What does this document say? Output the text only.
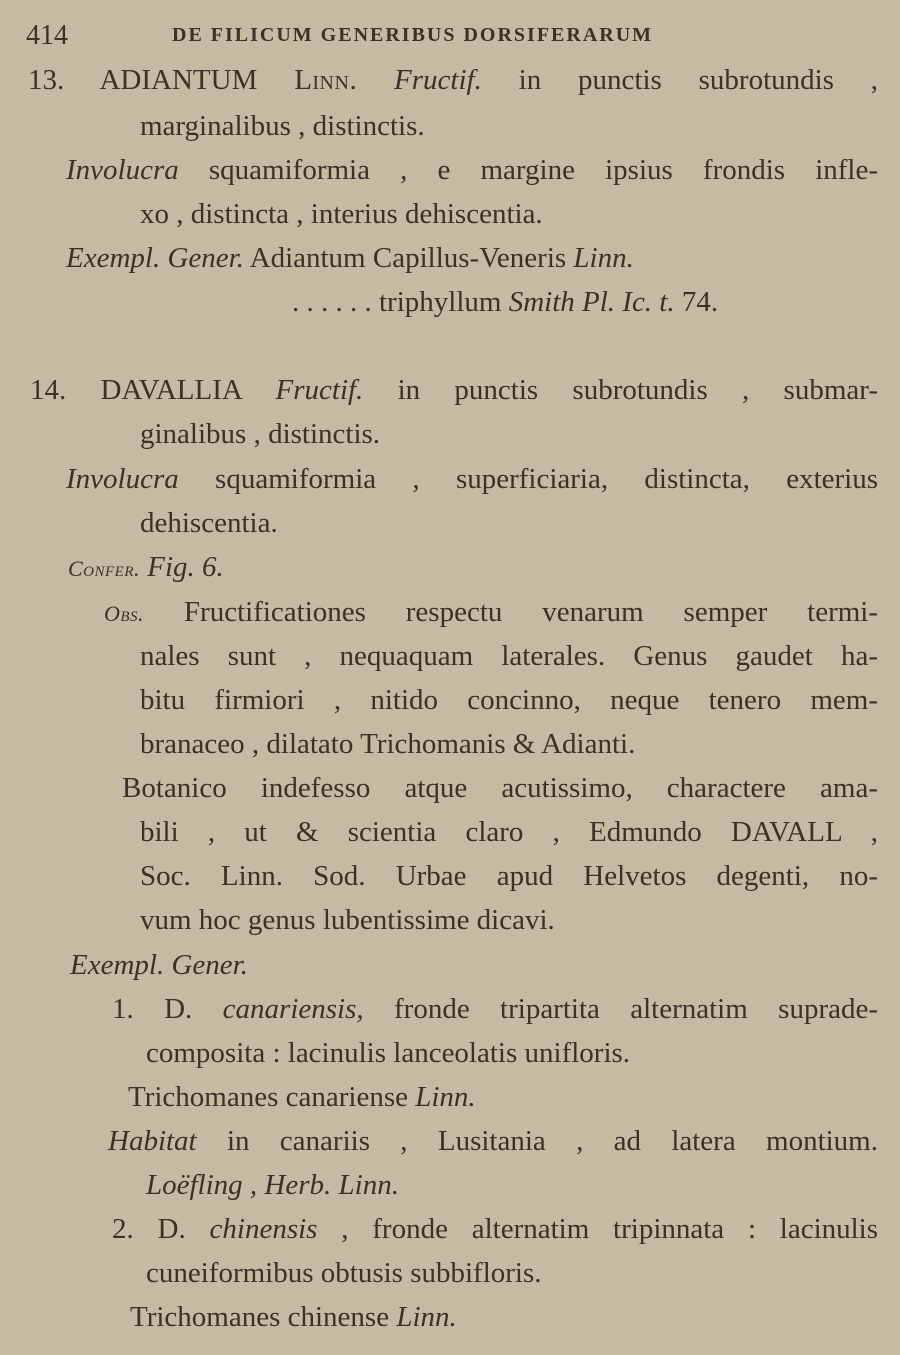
414	DE FILICUM GENERIBUS DORSIFERARUM
13. ADIANTUM Linn. Fructif. in punctis subrotundis ,
marginalibus , distinctis.
Involucra squamiformia , e margine ipsius frondis infle-
xo , distincta , interius dehiscentia.
Exempl. Gener. Adiantum Capillus-Veneris Linn.
. . . . . . triphyllum Smith Pl. Ic. t. 74.
14. DAVALLIA Fructif. in punctis subrotundis , submar-
ginalibus , distinctis.
Involucra squamiformia , superficiaria, distincta, exterius
dehiscentia.
Confer. Fig. 6.
Obs. Fructificationes respectu venarum semper termi-
nales sunt , nequaquam laterales. Genus gaudet ha-
bitu firmiori , nitido concinno, neque tenero mem-
branaceo , dilatato Trichomanis & Adianti.
Botanico indefesso atque acutissimo, charactere ama-
bili , ut & scientia claro , Edmundo DAVALL ,
Soc. Linn. Sod. Urbae apud Helvetos degenti, no-
vum hoc genus lubentissime dicavi.
Exempl. Gener.
1. D. canariensis, fronde tripartita alternatim suprade-
composita : lacinulis lanceolatis unifloris.
Trichomanes canariense Linn.
Habitat in canariis , Lusitania , ad latera montium.
Loëfling , Herb. Linn.
2. D. chinensis , fronde alternatim tripinnata : lacinulis
cuneiformibus obtusis subbifloris.
Trichomanes chinense Linn.
